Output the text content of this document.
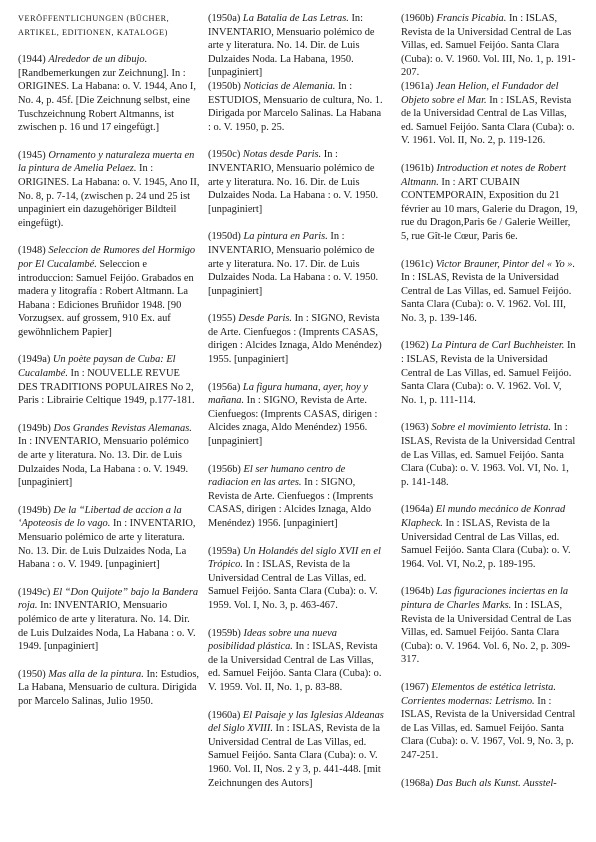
VERÖFFENTLICHUNGEN (BÜCHER, ARTIKEL, EDITIONEN, KATALOGE)

(1944) Alrededor de un dibujo. [Randbemerkungen zur Zeichnung]. In : ORIGINES. La Habana: o. V. 1944, Ano I, No. 4, p. 45f. [Die Zeichnung selbst, eine Tuschzeichnung Robert Altmanns, ist zwischen p. 16 und 17 eingefügt.]

(1945) Ornamento y naturaleza muerta en la pintura de Amelia Pelaez. In : ORIGINES. La Habana: o. V. 1945, Ano II, No. 8, p. 7-14, (zwischen p. 24 und 25 ist unpaginiert ein dazugehöriger Bildteil eingefügt).

(1948) Seleccion de Rumores del Hormigo por El Cucalambé. Seleccion e introduccion: Samuel Feijóo. Grabados en madera y litografía : Robert Altmann. La Habana : Ediciones Bruñidor 1948. [90 Vorzugsex. auf grossem, 910 Ex. auf gewöhnlichem Papier]

(1949a) Un poète paysan de Cuba: El Cucalambé. In : NOUVELLE REVUE DES TRADITIONS POPULAIRES No 2, Paris : Librairie Celtique 1949, p.177-181.

(1949b) Dos Grandes Revistas Alemanas. In : INVENTARIO, Mensuario polémico de arte y literatura. No. 13. Dir. de Luis Dulzaides Noda, La Habana : o. V. 1949. [unpaginiert]

(1949b) De la “Libertad de accion a la ‘Apoteosis de lo vago. In : INVENTARIO, Mensuario polémico de arte y literatura. No. 13. Dir. de Luis Dulzaides Noda, La Habana : o. V. 1949. [unpaginiert]

(1949c) El “Don Quijote” bajo la Bandera roja. In: INVENTARIO, Mensuario polémico de arte y literatura. No. 14. Dir. de Luis Dulzaides Noda, La Habana : o. V. 1949. [unpaginiert]

(1950) Mas alla de la pintura. In: Estudios, La Habana, Mensuario de cultura. Dirigida por Marcelo Salinas, Julio 1950.

(1950a) La Batalia de Las Letras. In: INVENTARIO, Mensuario polémico de arte y literatura. No. 14. Dir. de Luis Dulzaides Noda. La Habana, 1950. [unpaginiert]

(1950b) Noticias de Alemania. In : ESTUDIOS, Mensuario de cultura, No. 1. Dirigada por Marcelo Salinas. La Habana : o. V. 1950, p. 25.

(1950c) Notas desde Paris. In : INVENTARIO, Mensuario polémico de arte y literatura. No. 16. Dir. de Luis Dulzaides Noda. La Habana : o. V. 1950. [unpaginiert]

(1950d) La pintura en Paris. In : INVENTARIO, Mensuario polémico de arte y literatura. No. 17. Dir. de Luis Dulzaides Noda. La Habana : o. V. 1950. [unpaginiert]

(1955) Desde Paris. In : SIGNO, Revista de Arte. Cienfuegos : (Imprents CASAS, dirigen : Alcides Iznaga, Aldo Menéndez) 1955. [unpaginiert]

(1956a) La figura humana, ayer, hoy y mañana. In : SIGNO, Revista de Arte. Cienfuegos: (Imprents CASAS, dirigen : Alcides znaga, Aldo Menéndez) 1956. [unpaginiert]

(1956b) El ser humano centro de radiacion en las artes. In : SIGNO, Revista de Arte. Cienfuegos : (Imprents CASAS, dirigen : Alcides Iznaga, Aldo Menéndez) 1956. [unpaginiert]

(1959a) Un Holandés del siglo XVII en el Trópico. In : ISLAS, Revista de la Universidad Central de Las Villas, ed. Samuel Feijóo. Santa Clara (Cuba): o. V. 1959. Vol. I, No. 3, p. 463-467.

(1959b) Ideas sobre una nueva posibilidad plástica. In : ISLAS, Revista de la Universidad Central de Las Villas, ed. Samuel Feijóo. Santa Clara (Cuba): o. V. 1959. Vol. II, No. 1, p. 83-88.

(1960a) El Paisaje y las Iglesias Aldeanas del Siglo XVIII. In : ISLAS, Revista de la Universidad Central de Las Villas, ed. Samuel Feijóo. Santa Clara (Cuba): o. V. 1960. Vol. II, Nos. 2 y 3, p. 441-448. [mit Zeichnungen des Autors]

(1960b) Francis Picabia. In : ISLAS, Revista de la Universidad Central de Las Villas, ed. Samuel Feijóo. Santa Clara (Cuba): o. V. 1960. Vol. III, No. 1, p. 191-207.

(1961a) Jean Helion, el Fundador del Objeto sobre el Mar. In : ISLAS, Revista de la Universidad Central de Las Villas, ed. Samuel Feijóo. Santa Clara (Cuba): o. V. 1961. Vol. II, No. 2, p. 119-126.

(1961b) Introduction et notes de Robert Altmann. In : ART CUBAIN CONTEMPORAIN, Exposition du 21 février au 10 mars, Galerie du Dragon, 19, rue du Dragon,Paris 6e / Galerie Weiller, 5, rue Gît-le Cœur, Paris 6e.

(1961c) Victor Brauner, Pintor del « Yo ». In : ISLAS, Revista de la Universidad Central de Las Villas, ed. Samuel Feijóo. Santa Clara (Cuba): o. V. 1962. Vol. III, No. 3, p. 139-146.

(1962) La Pintura de Carl Buchheister. In : ISLAS, Revista de la Universidad Central de Las Villas, ed. Samuel Feijóo. Santa Clara (Cuba): o. V. 1962. Vol. V, No. 1, p. 111-114.

(1963) Sobre el movimiento letrista. In : ISLAS, Revista de la Universidad Central de Las Villas, ed. Samuel Feijóo. Santa Clara (Cuba): o. V. 1963. Vol. VI, No. 1, p. 141-148.

(1964a) El mundo mecánico de Konrad Klapheck. In : ISLAS, Revista de la Universidad Central de Las Villas, ed. Samuel Feijóo. Santa Clara (Cuba): o. V. 1964. Vol. VI, No.2, p. 189-195.

(1964b) Las figuraciones inciertas en la pintura de Charles Marks. In : ISLAS, Revista de la Universidad Central de Las Villas, ed. Samuel Feijóo. Santa Clara (Cuba): o. V. 1964. Vol. 6, No. 2, p. 309-317.

(1967) Elementos de estética letrista. Corrientes modernas: Letrismo. In : ISLAS, Revista de la Universidad Central de Las Villas, ed. Samuel Feijóo. Santa Clara (Cuba): o. V. 1967, Vol. 9, No. 3, p. 247-251.

(1968a) Das Buch als Kunst. Ausstel-
